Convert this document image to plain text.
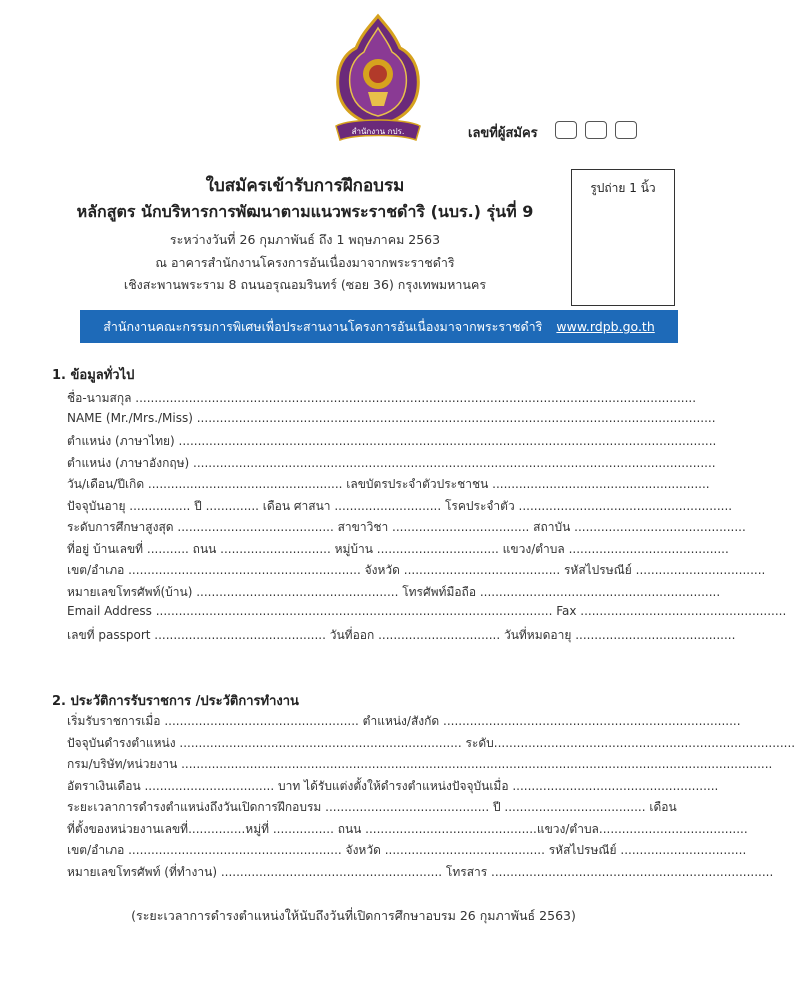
สำนักงาน กปร.	เลขที่ผู้สมัคร
ใบสมัครเข้ารับการฝึกอบรม
หลักสูตร นักบริหารการพัฒนาตามแนวพระราชดำริ (นบร.) รุ่นที่ 9
ระหว่างวันที่ 26 กุมภาพันธ์ ถึง 1 พฤษภาคม 2563
ณ อาคารสำนักงานโครงการอันเนื่องมาจากพระราชดำริ
เชิงสะพานพระราม 8 ถนนอรุณอมรินทร์ (ซอย 36) กรุงเทพมหานคร
รูปถ่าย 1 นิ้ว
สำนักงานคณะกรรมการพิเศษเพื่อประสานงานโครงการอันเนื่องมาจากพระราชดำริ www.rdpb.go.th
1. ข้อมูลทั่วไป
ชื่อ-นามสกุล ...................................................................................................................................................
NAME (Mr./Mrs./Miss) ........................................................................................................................................
ตำแหน่ง (ภาษาไทย) .............................................................................................................................................
ตำแหน่ง (ภาษาอังกฤษ) .........................................................................................................................................
วัน/เดือน/ปีเกิด ................................................... เลขบัตรประจำตัวประชาชน .........................................................
ปัจจุบันอายุ ................ ปี .............. เดือน ศาสนา ............................ โรคประจำตัว ........................................................
ระดับการศึกษาสูงสุด ......................................... สาขาวิชา .................................... สถาบัน .............................................
ที่อยู่ บ้านเลขที่ ........... ถนน ............................. หมู่บ้าน ................................ แขวง/ตำบล ..........................................
เขต/อำเภอ ............................................................. จังหวัด ......................................... รหัสไปรษณีย์ ..................................
หมายเลขโทรศัพท์(บ้าน) ..................................................... โทรศัพท์มือถือ ...............................................................
Email Address ........................................................................................................ Fax ......................................................
เลขที่ passport ............................................. วันที่ออก ................................ วันที่หมดอายุ ..........................................
2. ประวัติการรับราชการ /ประวัติการทำงาน
เริ่มรับราชการเมื่อ ................................................... ตำแหน่ง/สังกัด ..............................................................................
ปัจจุบันดำรงตำแหน่ง .......................................................................... ระดับ...............................................................................
กรม/บริษัท/หน่วยงาน ...........................................................................................................................................................
อัตราเงินเดือน .................................. บาท ได้รับแต่งตั้งให้ดำรงตำแหน่งปัจจุบันเมื่อ ......................................................
ระยะเวลาการดำรงตำแหน่งถึงวันเปิดการฝึกอบรม ........................................... ปี ..................................... เดือน
ที่ตั้งของหน่วยงานเลขที่...............หมู่ที่ ................ ถนน .............................................แขวง/ตำบล.......................................
เขต/อำเภอ ........................................................ จังหวัด .......................................... รหัสไปรษณีย์ .................................
หมายเลขโทรศัพท์ (ที่ทำงาน) .......................................................... โทรสาร ..........................................................................
(ระยะเวลาการดำรงตำแหน่งให้นับถึงวันที่เปิดการศึกษาอบรม 26 กุมภาพันธ์ 2563)
